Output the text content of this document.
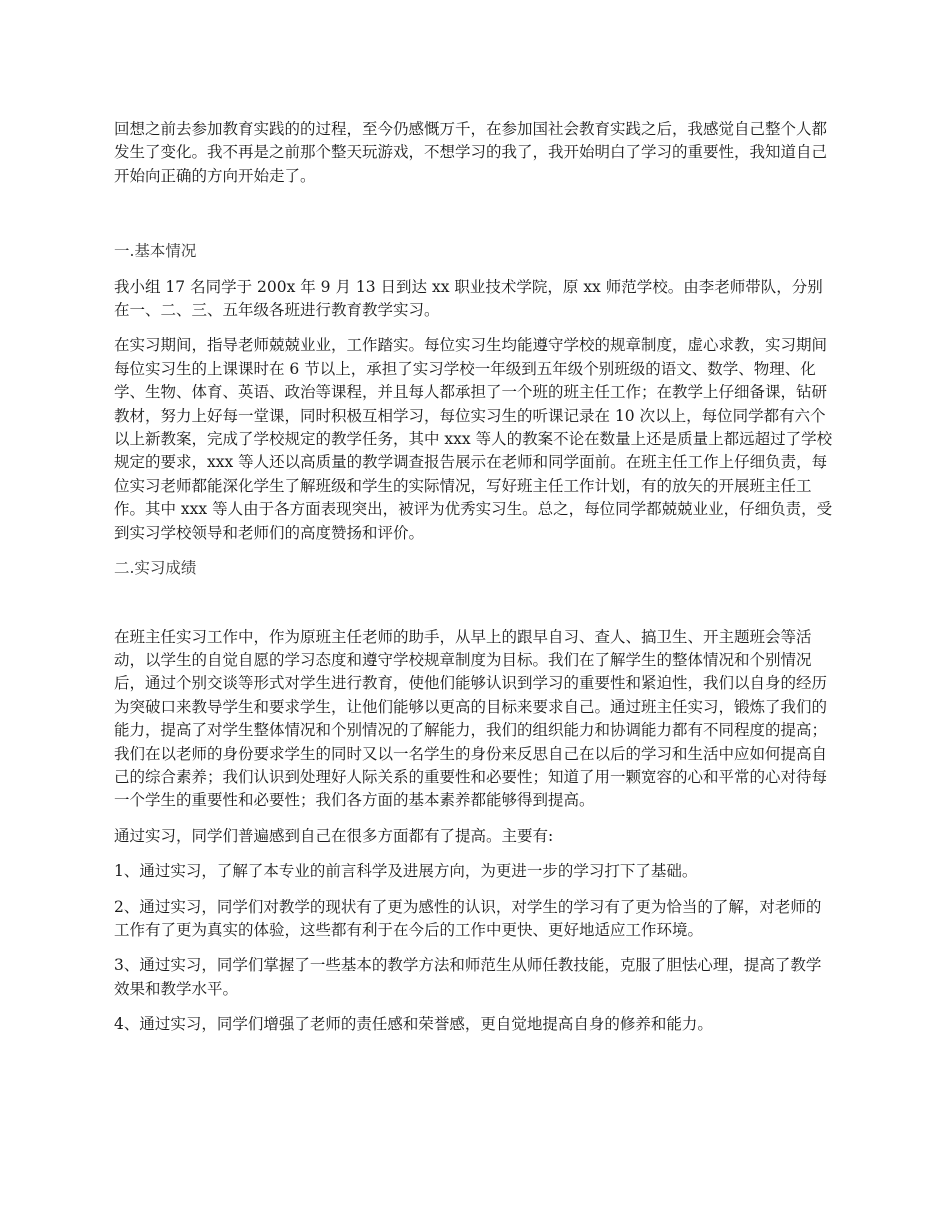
回想之前去参加教育实践的的过程，至今仍感慨万千，在参加国社会教育实践之后，我感觉自己整个人都发生了变化。我不再是之前那个整天玩游戏，不想学习的我了，我开始明白了学习的重要性，我知道自己开始向正确的方向开始走了。

一.基本情况

我小组 17 名同学于 200x 年 9 月 13 日到达 xx 职业技术学院，原 xx 师范学校。由李老师带队，分别在一、二、三、五年级各班进行教育教学实习。

在实习期间，指导老师兢兢业业，工作踏实。每位实习生均能遵守学校的规章制度，虚心求教，实习期间每位实习生的上课课时在 6 节以上，承担了实习学校一年级到五年级个别班级的语文、数学、物理、化学、生物、体育、英语、政治等课程，并且每人都承担了一个班的班主任工作；在教学上仔细备课，钻研教材，努力上好每一堂课，同时积极互相学习，每位实习生的听课记录在 10 次以上，每位同学都有六个以上新教案，完成了学校规定的教学任务，其中 xxx 等人的教案不论在数量上还是质量上都远超过了学校规定的要求，xxx 等人还以高质量的教学调查报告展示在老师和同学面前。在班主任工作上仔细负责，每位实习老师都能深化学生了解班级和学生的实际情况，写好班主任工作计划，有的放矢的开展班主任工作。其中 xxx 等人由于各方面表现突出，被评为优秀实习生。总之，每位同学都兢兢业业，仔细负责，受到实习学校领导和老师们的高度赞扬和评价。

二.实习成绩

在班主任实习工作中，作为原班主任老师的助手，从早上的跟早自习、查人、搞卫生、开主题班会等活动，以学生的自觉自愿的学习态度和遵守学校规章制度为目标。我们在了解学生的整体情况和个别情况后，通过个别交谈等形式对学生进行教育，使他们能够认识到学习的重要性和紧迫性，我们以自身的经历为突破口来教导学生和要求学生，让他们能够以更高的目标来要求自己。通过班主任实习，锻炼了我们的能力，提高了对学生整体情况和个别情况的了解能力，我们的组织能力和协调能力都有不同程度的提高；我们在以老师的身份要求学生的同时又以一名学生的身份来反思自己在以后的学习和生活中应如何提高自己的综合素养；我们认识到处理好人际关系的重要性和必要性；知道了用一颗宽容的心和平常的心对待每一个学生的重要性和必要性；我们各方面的基本素养都能够得到提高。

通过实习，同学们普遍感到自己在很多方面都有了提高。主要有:

1、通过实习，了解了本专业的前言科学及进展方向，为更进一步的学习打下了基础。

2、通过实习，同学们对教学的现状有了更为感性的认识，对学生的学习有了更为恰当的了解，对老师的工作有了更为真实的体验，这些都有利于在今后的工作中更快、更好地适应工作环境。

3、通过实习，同学们掌握了一些基本的教学方法和师范生从师任教技能，克服了胆怯心理，提高了教学效果和教学水平。

4、通过实习，同学们增强了老师的责任感和荣誉感，更自觉地提高自身的修养和能力。
